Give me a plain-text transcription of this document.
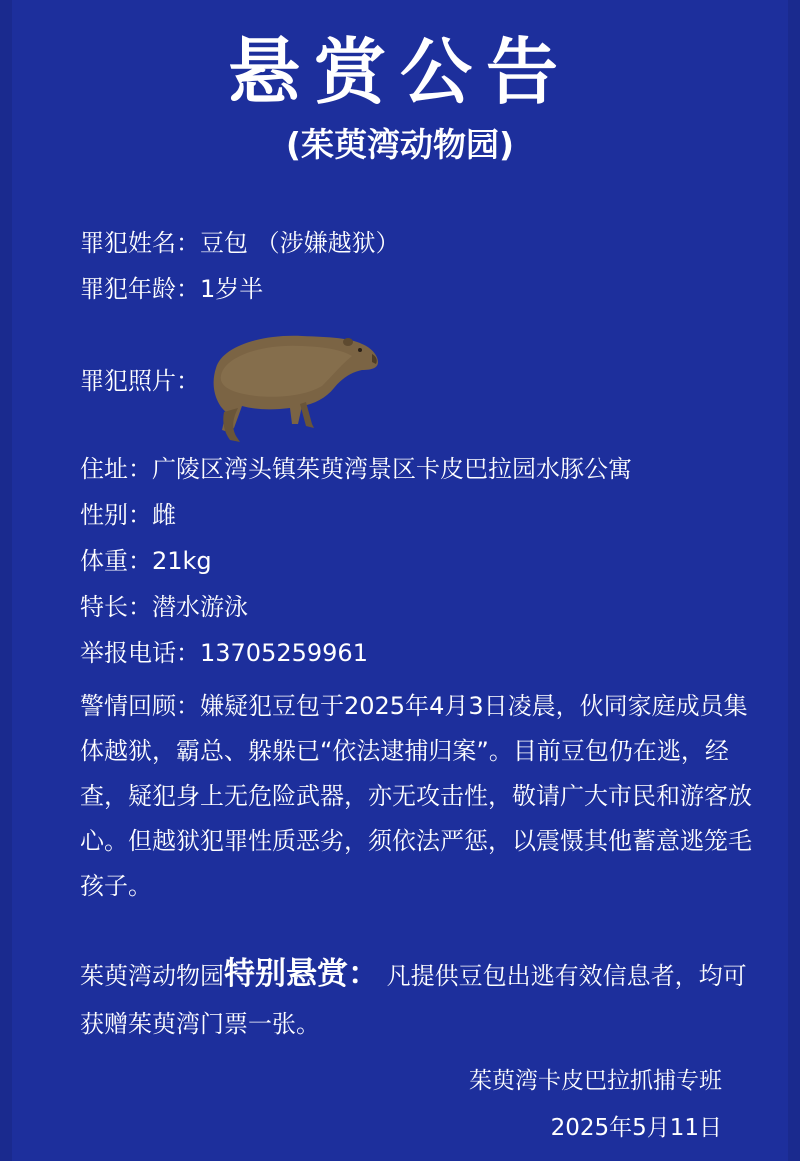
悬赏公告
(茱萸湾动物园)
罪犯姓名：豆包 （涉嫌越狱）
罪犯年龄：1岁半
罪犯照片：
住址：广陵区湾头镇茱萸湾景区卡皮巴拉园水豚公寓
性别：雌
体重：21kg
特长：潜水游泳
举报电话：13705259961
警情回顾：嫌疑犯豆包于2025年4月3日凌晨，伙同家庭成员集体越狱，霸总、躲躲已“依法逮捕归案”。目前豆包仍在逃，经查，疑犯身上无危险武器，亦无攻击性，敬请广大市民和游客放心。但越狱犯罪性质恶劣，须依法严惩，以震慑其他蓄意逃笼毛孩子。
茱萸湾动物园特别悬赏： 凡提供豆包出逃有效信息者，均可获赠茱萸湾门票一张。
茱萸湾卡皮巴拉抓捕专班
2025年5月11日
